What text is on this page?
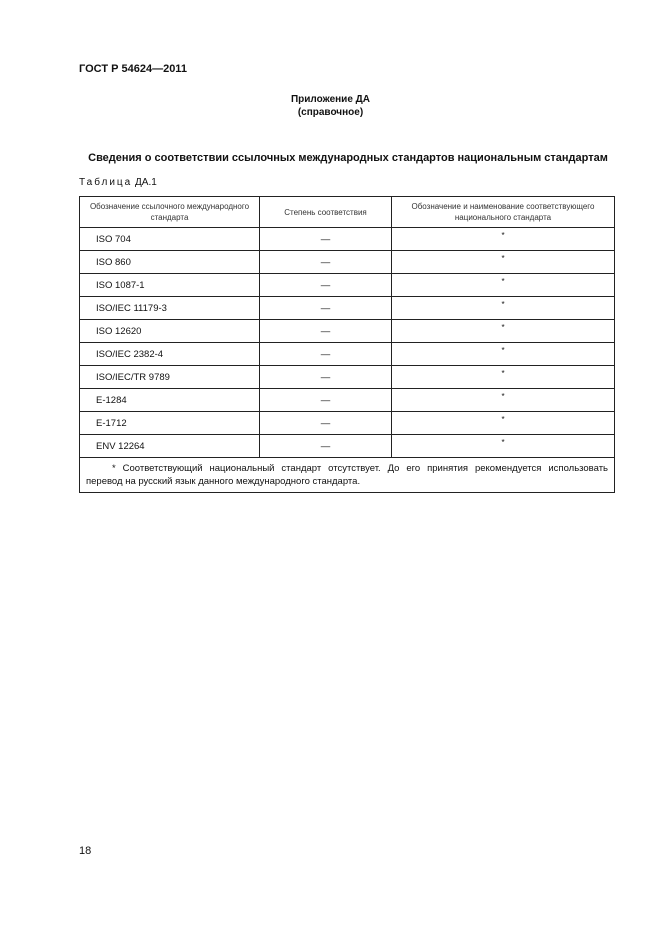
ГОСТ Р 54624—2011
Приложение ДА
(справочное)
Сведения о соответствии ссылочных международных стандартов национальным стандартам
Таблица ДА.1
Обозначение ссылочного международного стандарта	Степень соответствия	Обозначение и наименование соответствующего национального стандарта
ISO 704	—	*
ISO 860	—	*
ISO 1087-1	—	*
ISO/IEC 11179-3	—	*
ISO 12620	—	*
ISO/IEC 2382-4	—	*
ISO/IEC/TR 9789	—	*
E-1284	—	*
E-1712	—	*
ENV 12264	—	*

* Соответствующий национальный стандарт отсутствует. До его принятия рекомендуется использовать перевод на русский язык данного международного стандарта.		
18
